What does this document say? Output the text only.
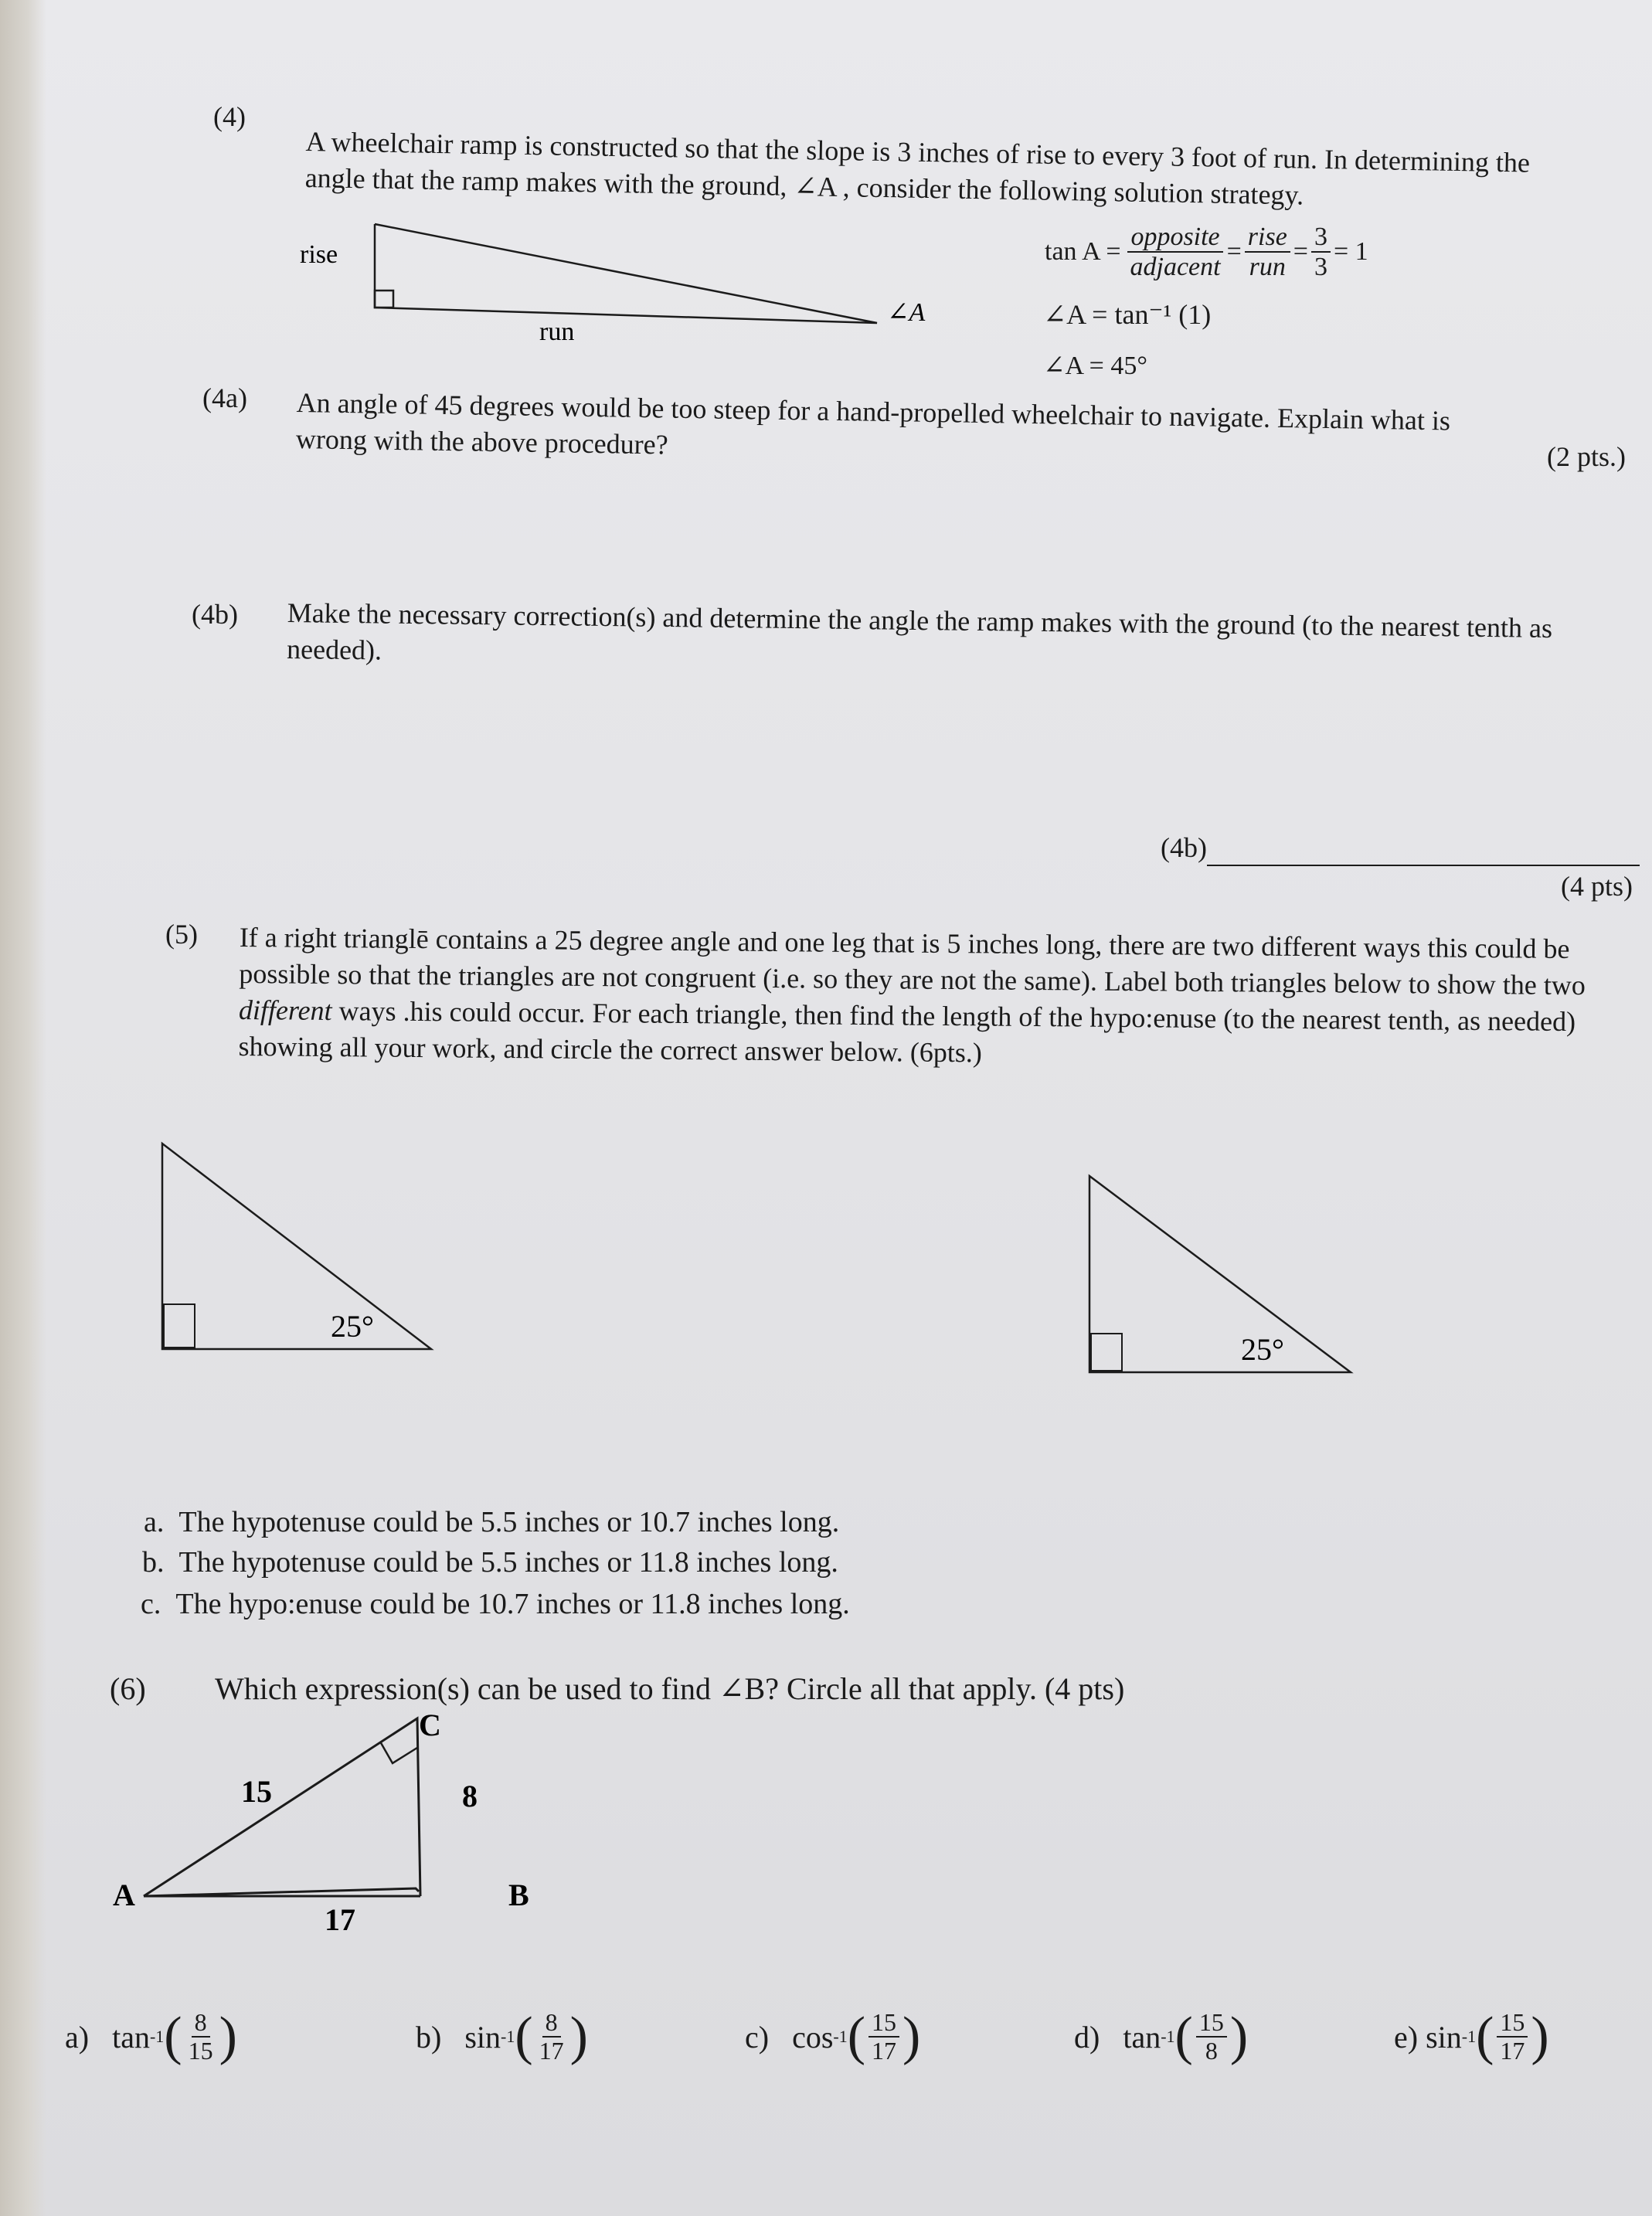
(4)
A wheelchair ramp is constructed so that the slope is 3 inches of rise to every 3 foot of run. In determining the angle that the ramp makes with the ground, ∠A , consider the following solution strategy.
rise
run
∠A
$\tan A = \frac{\text{opposite}}{\text{adjacent}} = \frac{\text{rise}}{\text{run}} = \frac{3}{3} = 1$
∠A = tan⁻¹ (1)
∠A = 45°
(4a) An angle of 45 degrees would be too steep for a hand-propelled wheelchair to navigate. Explain what is wrong with the above procedure?	(2 pts.)
(4b) Make the necessary correction(s) and determine the angle the ramp makes with the ground (to the nearest tenth as needed).
(4b)
(4 pts)
(5) If a right trianglē contains a 25 degree angle and one leg that is 5 inches long, there are two different ways this could be possible so that the triangles are not congruent (i.e. so they are not the same). Label both triangles below to show the two different ways .his could occur. For each triangle, then find the length of the hypo:enuse (to the nearest tenth, as needed) showing all your work, and circle the correct answer below. (6pts.)
25°
25°
a. The hypotenuse could be 5.5 inches or 10.7 inches long.
b. The hypotenuse could be 5.5 inches or 11.8 inches long.
c. The hypo:enuse could be 10.7 inches or 11.8 inches long.
(6) Which expression(s) can be used to find ∠B? Circle all that apply. (4 pts)
C
A	B
15	8
17
a)
tan -1 ( $\frac{8}{15}$ )	b)
sin -1 ( $\frac{8}{17}$ )	c)
cos -1 ( $\frac{15}{17}$ )	d)
tan -1 ( $\frac{15}{8}$ )	e)
sin -1 ( $\frac{15}{17}$ )
